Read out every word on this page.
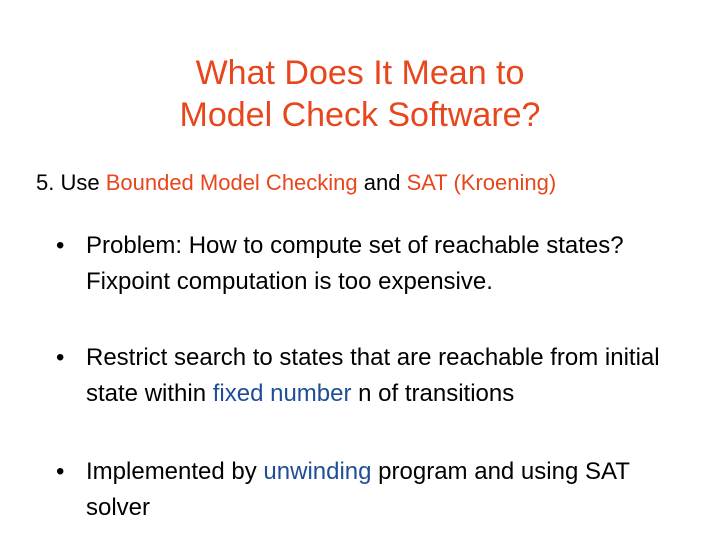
What Does It Mean to
Model Check Software?
5. Use Bounded Model Checking and SAT (Kroening)
• Problem: How to compute set of reachable states? Fixpoint computation is too expensive.
• Restrict search to states that are reachable from initial state within fixed number n of transitions
• Implemented by unwinding program and using SAT solver
